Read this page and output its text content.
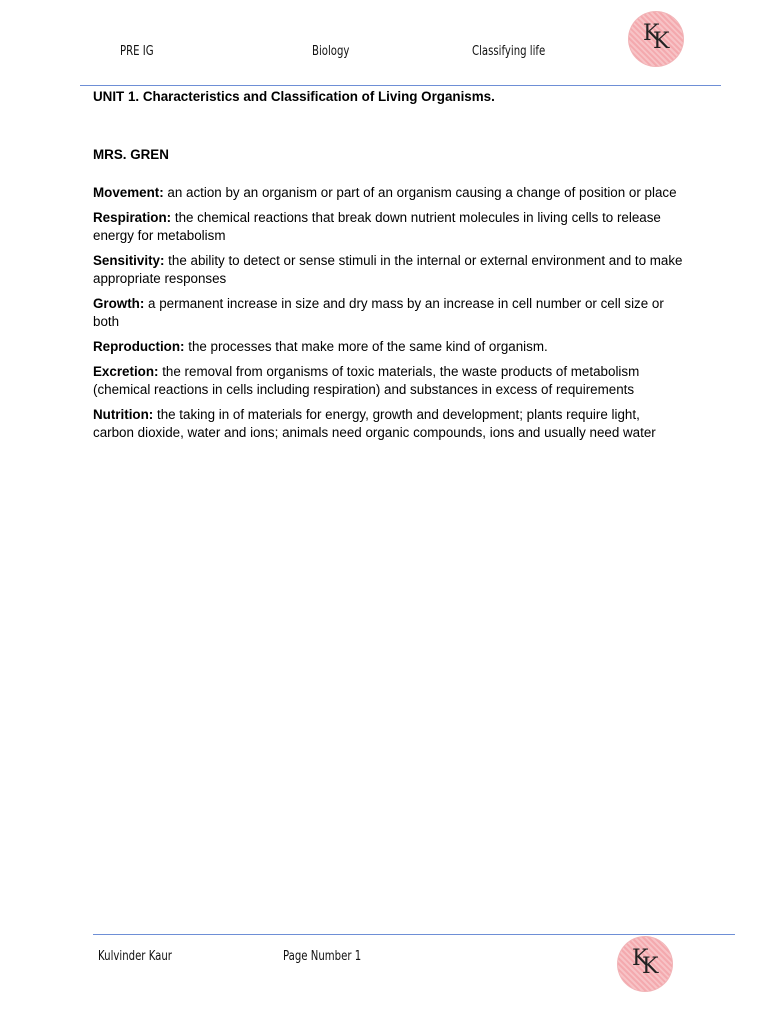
PRE IG	Biology	Classifying life
K
K
UNIT 1. Characteristics and Classification of Living Organisms.
MRS. GREN

Movement: an action by an organism or part of an organism causing a change of position or place

Respiration: the chemical reactions that break down nutrient molecules in living cells to release energy for metabolism

Sensitivity: the ability to detect or sense stimuli in the internal or external environment and to make appropriate responses

Growth: a permanent increase in size and dry mass by an increase in cell number or cell size or both

Reproduction: the processes that make more of the same kind of organism.

Excretion: the removal from organisms of toxic materials, the waste products of metabolism (chemical reactions in cells including respiration) and substances in excess of requirements

Nutrition: the taking in of materials for energy, growth and development; plants require light, carbon dioxide, water and ions; animals need organic compounds, ions and usually need water

Kulvinder Kaur	Page Number 1	K
K
